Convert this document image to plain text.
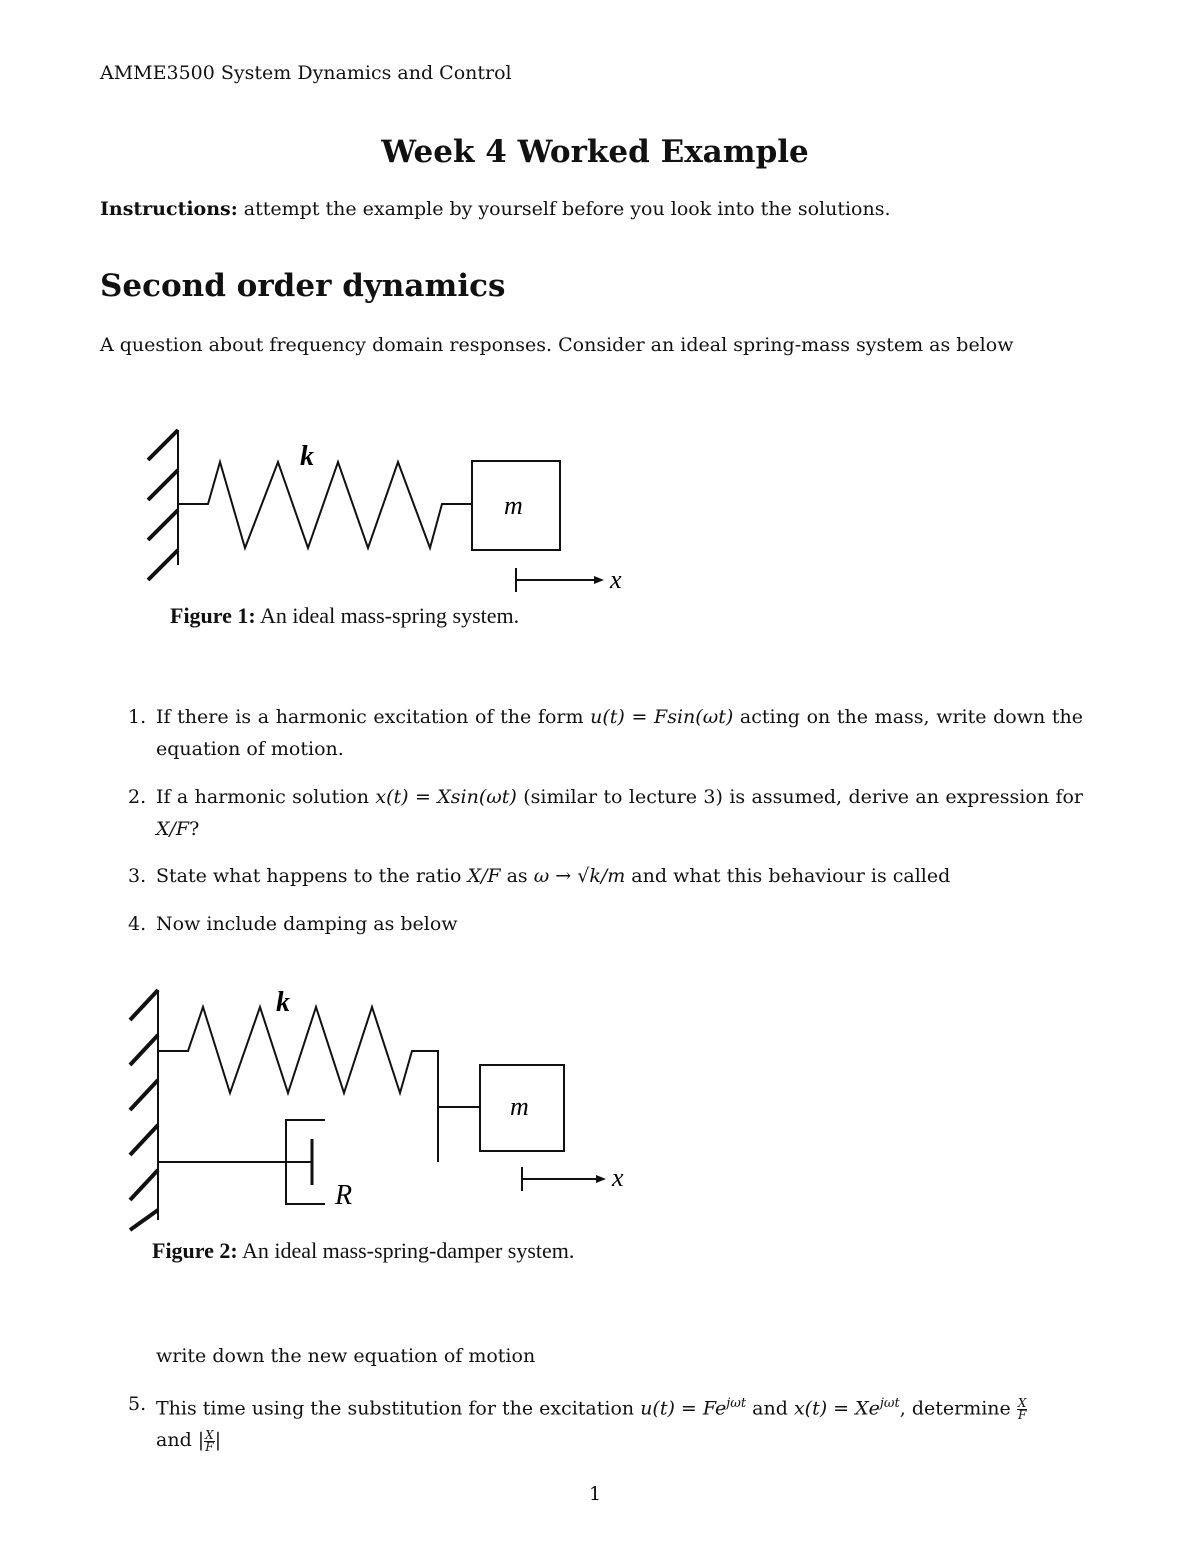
AMME3500 System Dynamics and Control
Week 4 Worked Example
Instructions: attempt the example by yourself before you look into the solutions.
Second order dynamics
A question about frequency domain responses. Consider an ideal spring-mass system as below
k
m
x
Figure 1: An ideal mass-spring system.
1. If there is a harmonic excitation of the form u(t) = Fsin(ωt) acting on the mass, write down the equation of motion.
2. If a harmonic solution x(t) = Xsin(ωt) (similar to lecture 3) is assumed, derive an expression for X/F?
3. State what happens to the ratio X/F as ω → √k/m and what this behaviour is called
4. Now include damping as below
k
m
R
x
Figure 2: An ideal mass-spring-damper system.
write down the new equation of motion
5. This time using the substitution for the excitation $u(t) = Fe^{j\omega t}$ and $x(t) = Xe^{j\omega t}$, determine $\frac{X}{F}$

and | $\frac{X}{F}$ |
1
